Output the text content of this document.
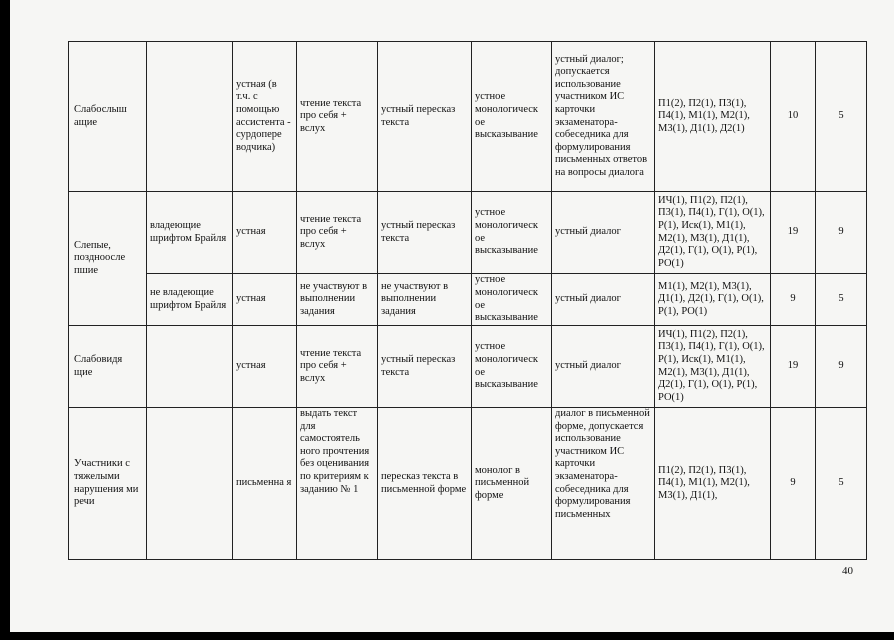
Слабослыш ащие		устная (в т.ч. с помощью ассистента - сурдопере водчика)	чтение текста про себя + вслух	устный пересказ текста	устное монологическ ое высказывание	устный диалог; допускается использование участником ИС карточки экзаменатора-собеседника для формулирования письменных ответов на вопросы диалога	П1(2), П2(1), П3(1), П4(1), М1(1), М2(1), М3(1), Д1(1), Д2(1)	10	5
Слепые, поздноосле пшие	владеющие шрифтом Брайля	устная	чтение текста про себя + вслух	устный пересказ текста	устное монологическ ое высказывание	устный диалог	ИЧ(1), П1(2), П2(1), П3(1), П4(1), Г(1), О(1), Р(1), Иск(1), М1(1), М2(1), М3(1), Д1(1), Д2(1), Г(1), О(1), Р(1), РО(1)	19	9
	не владеющие шрифтом Брайля	устная	не участвуют в выполнении задания	не участвуют в выполнении задания	устное монологическ ое высказывание	устный диалог	М1(1), М2(1), М3(1), Д1(1), Д2(1), Г(1), О(1), Р(1), РО(1)	9	5
Слабовидя щие		устная	чтение текста про себя + вслух	устный пересказ текста	устное монологическ ое высказывание	устный диалог	ИЧ(1), П1(2), П2(1), П3(1), П4(1), Г(1), О(1), Р(1), Иск(1), М1(1), М2(1), М3(1), Д1(1), Д2(1), Г(1), О(1), Р(1), РО(1)	19	9
Участники с тяжелыми нарушения ми речи		письменна я	выдать текст для самостоятель ного прочтения без оценивания по критериям к заданию № 1	пересказ текста в письменной форме	монолог в письменной форме	диалог в письменной форме, допускается использование участником ИС карточки экзаменатора-собеседника для формулирования письменных	П1(2), П2(1), П3(1), П4(1), М1(1), М2(1), М3(1), Д1(1),	9	5
40
